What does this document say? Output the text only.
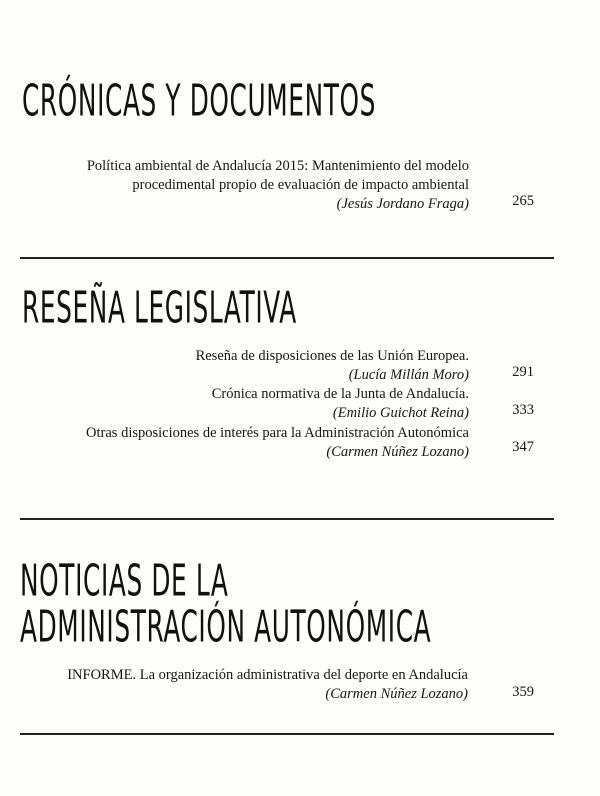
CRÓNICAS Y DOCUMENTOS
Política ambiental de Andalucía 2015: Mantenimiento del modelo
procedimental propio de evaluación de impacto ambiental
(Jesús Jordano Fraga)	265
RESEÑA LEGISLATIVA
Reseña de disposiciones de las Unión Europea.
(Lucía Millán Moro)	291
Crónica normativa de la Junta de Andalucía.
(Emilio Guichot Reina)	333
Otras disposiciones de interés para la Administración Autonómica
(Carmen Núñez Lozano)	347
NOTICIAS DE LA
ADMINISTRACIÓN AUTONÓMICA
INFORME. La organización administrativa del deporte en Andalucía
(Carmen Núñez Lozano)	359
